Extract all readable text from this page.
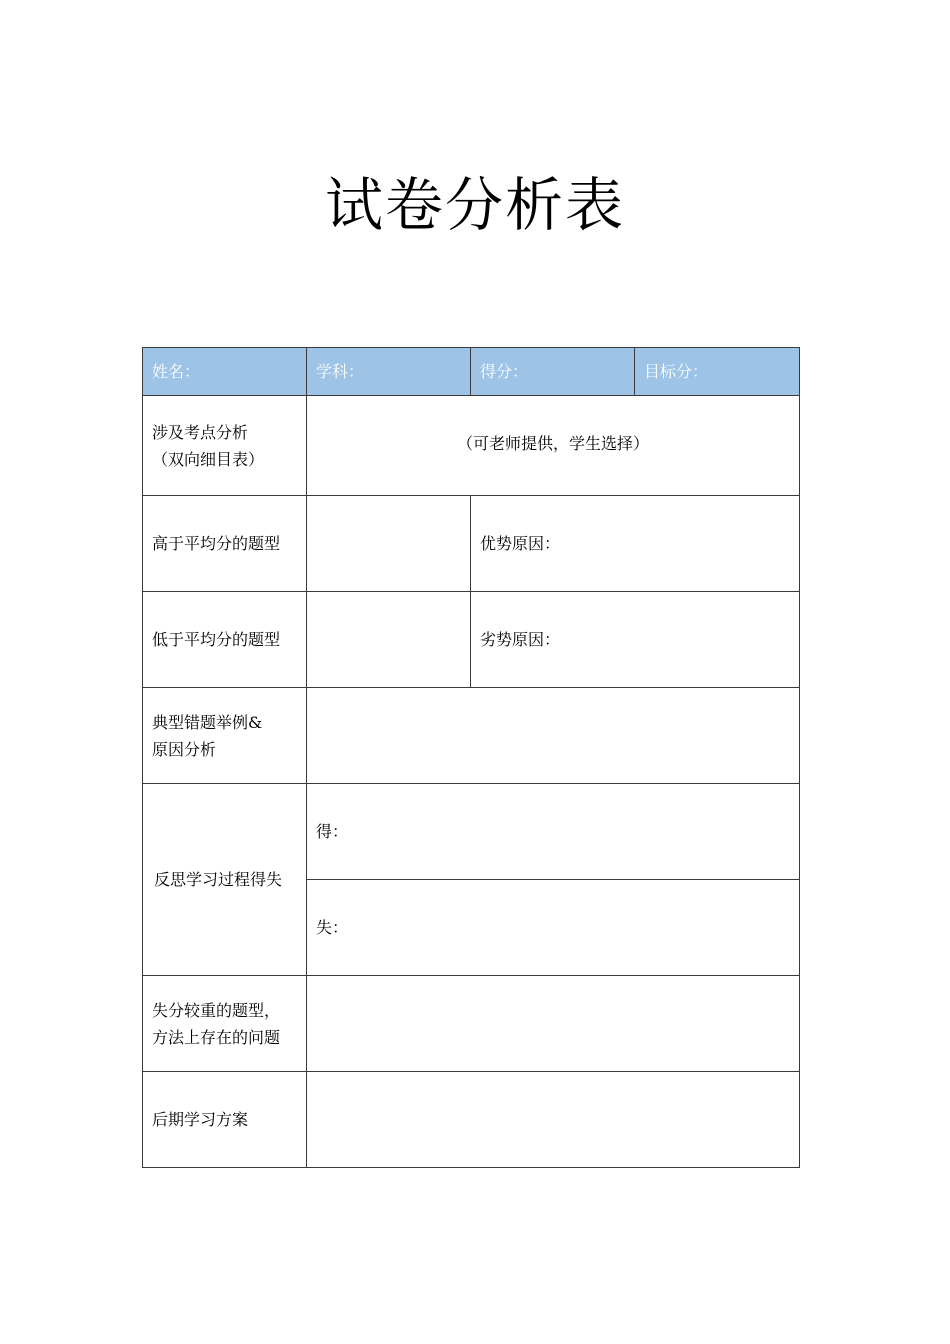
试卷分析表
姓名：	学科：	得分：	目标分：

涉及考点分析
（双向细目表）	（可老师提供，学生选择）		
高于平均分的题型		优势原因：	
低于平均分的题型		劣势原因：	

典型错题举例&
原因分析			

反思学习过程得失	得：		
	失：		

失分较重的题型，
方法上存在的问题			

后期学习方案			
